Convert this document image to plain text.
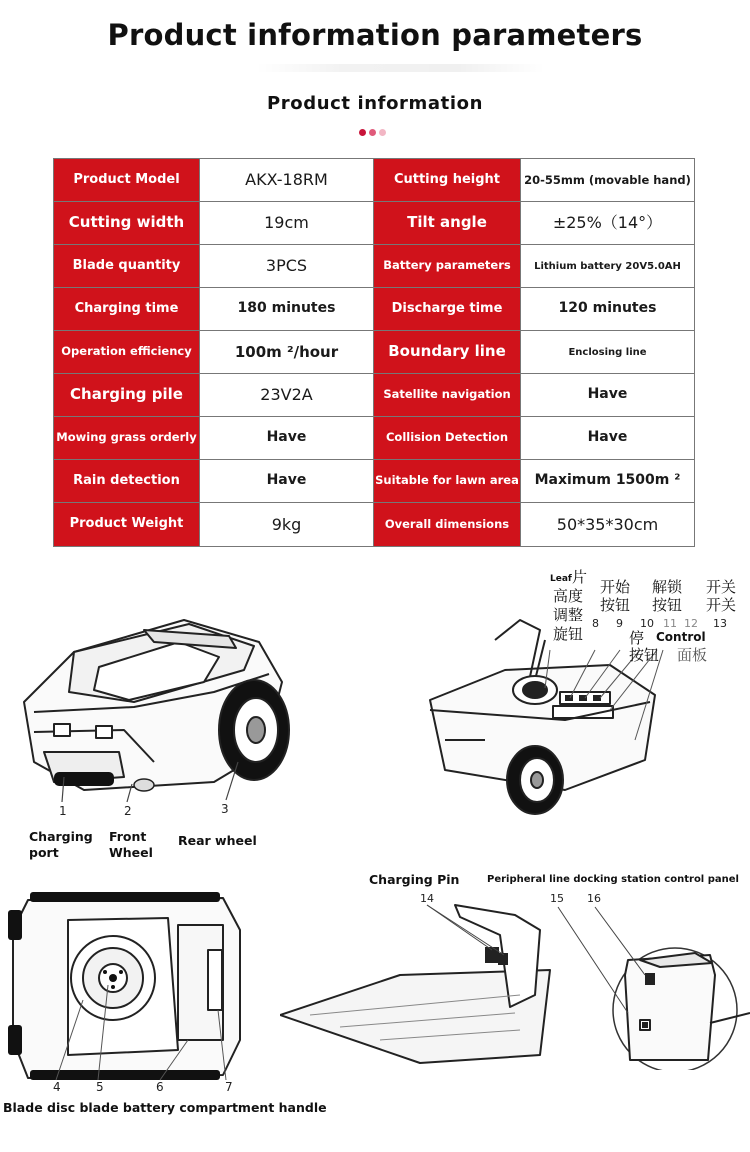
Product information parameters
Product information
Product Model	AKX-18RM	Cutting height	20-55mm (movable hand)
Cutting width	19cm	Tilt angle	±25%（14°）
Blade quantity	3PCS	Battery parameters	Lithium battery 20V5.0AH
Charging time	180 minutes	Discharge time	120 minutes
Operation efficiency	100m ²/hour	Boundary line	Enclosing line
Charging pile	23V2A	Satellite navigation	Have
Mowing grass orderly	Have	Collision Detection	Have
Rain detection	Have	Suitable for lawn area	Maximum 1500m ²
Product Weight	9kg	Overall dimensions	50*35*30cm
1	2	3
Charging port
Front Wheel
Rear wheel
Leaf 片
高度
调整
旋钮
开始
按钮
解锁
按钮
开关
开关
8 9 10 11 12 13
停
按钮
Control
面板
4	5	6	7
Blade disc blade battery compartment handle
Charging Pin	Peripheral line docking station control panel
14	15 16
